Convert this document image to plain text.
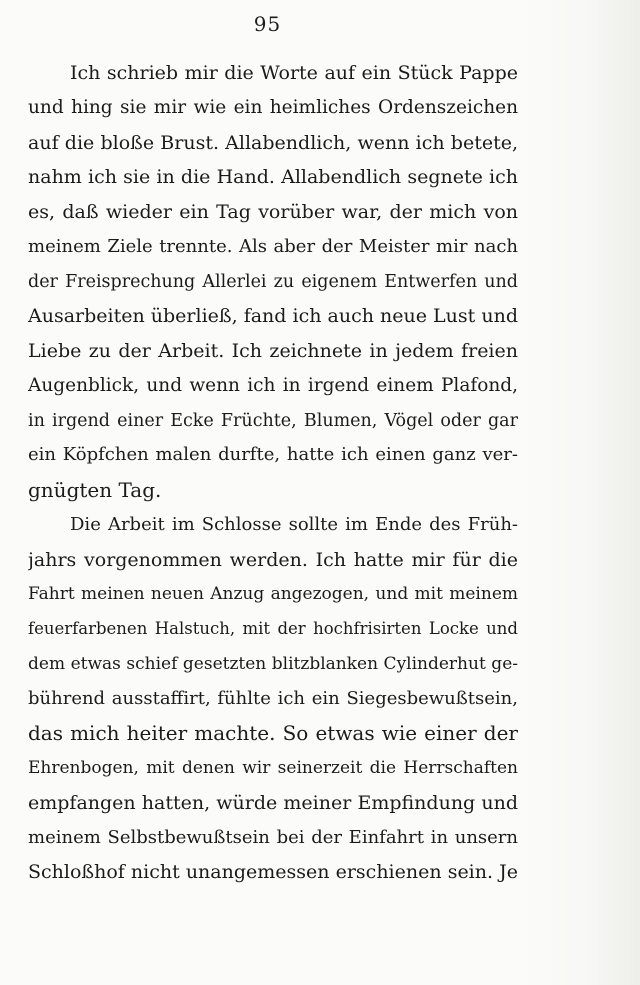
95
Ich schrieb mir die Worte auf ein Stück Pappe
und hing sie mir wie ein heimliches Ordenszeichen
auf die bloße Brust. Allabendlich, wenn ich betete,
nahm ich sie in die Hand. Allabendlich segnete ich
es, daß wieder ein Tag vorüber war, der mich von
meinem Ziele trennte. Als aber der Meister mir nach
der Freisprechung Allerlei zu eigenem Entwerfen und
Ausarbeiten überließ, fand ich auch neue Lust und
Liebe zu der Arbeit. Ich zeichnete in jedem freien
Augenblick, und wenn ich in irgend einem Plafond,
in irgend einer Ecke Früchte, Blumen, Vögel oder gar
ein Köpfchen malen durfte, hatte ich einen ganz ver-
gnügten Tag.
Die Arbeit im Schlosse sollte im Ende des Früh-
jahrs vorgenommen werden. Ich hatte mir für die
Fahrt meinen neuen Anzug angezogen, und mit meinem
feuerfarbenen Halstuch, mit der hochfrisirten Locke und
dem etwas schief gesetzten blitzblanken Cylinderhut ge-
bührend ausstaffirt, fühlte ich ein Siegesbewußtsein,
das mich heiter machte. So etwas wie einer der
Ehrenbogen, mit denen wir seinerzeit die Herrschaften
empfangen hatten, würde meiner Empfindung und
meinem Selbstbewußtsein bei der Einfahrt in unsern
Schloßhof nicht unangemessen erschienen sein. Je
